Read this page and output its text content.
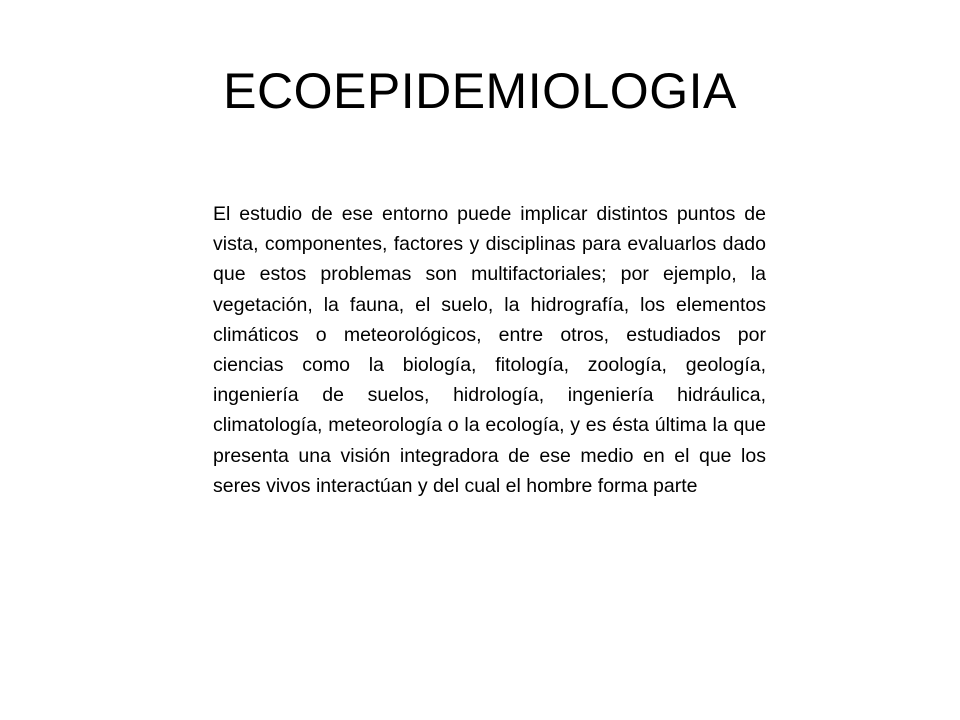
ECOEPIDEMIOLOGIA

El estudio de ese entorno puede implicar distintos puntos de vista, componentes, factores y disciplinas para evaluarlos dado que estos problemas son multifactoriales; por ejemplo, la vegetación, la fauna, el suelo, la hidrografía, los elementos climáticos o meteorológicos, entre otros, estudiados por ciencias como la biología, fitología, zoología, geología, ingeniería de suelos, hidrología, ingeniería hidráulica, climatología, meteorología o la ecología, y es ésta última la que presenta una visión integradora de ese medio en el que los seres vivos interactúan y del cual el hombre forma parte
